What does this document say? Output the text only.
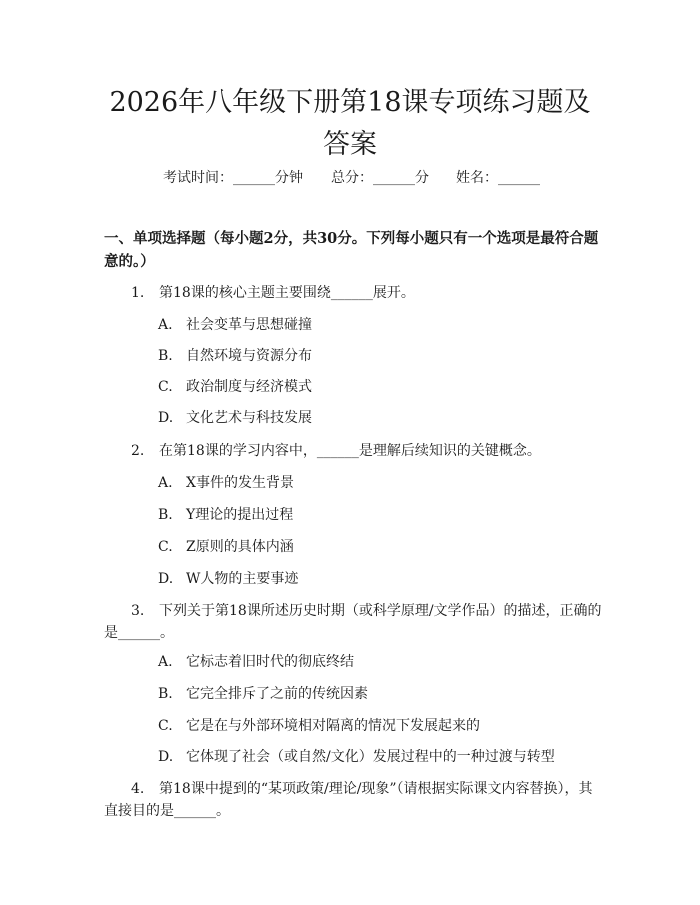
2026年八年级下册第18课专项练习题及答案
考试时间：______分钟 总分：______分 姓名：______

一、单项选择题（每小题2分，共30分。下列每小题只有一个选项是最符合题意的。）

1.	第18课的核心主题主要围绕______展开。
A. 社会变革与思想碰撞
B. 自然环境与资源分布
C. 政治制度与经济模式
D. 文化艺术与科技发展
2.	在第18课的学习内容中，______是理解后续知识的关键概念。
A. X事件的发生背景
B. Y理论的提出过程
C. Z原则的具体内涵
D. W人物的主要事迹
3.	下列关于第18课所述历史时期（或科学原理/文学作品）的描述，正确的是______。
A. 它标志着旧时代的彻底终结
B. 它完全排斥了之前的传统因素
C. 它是在与外部环境相对隔离的情况下发展起来的
D. 它体现了社会（或自然/文化）发展过程中的一种过渡与转型
4.	第18课中提到的“某项政策/理论/现象”（请根据实际课文内容替换），其直接目的是______。
